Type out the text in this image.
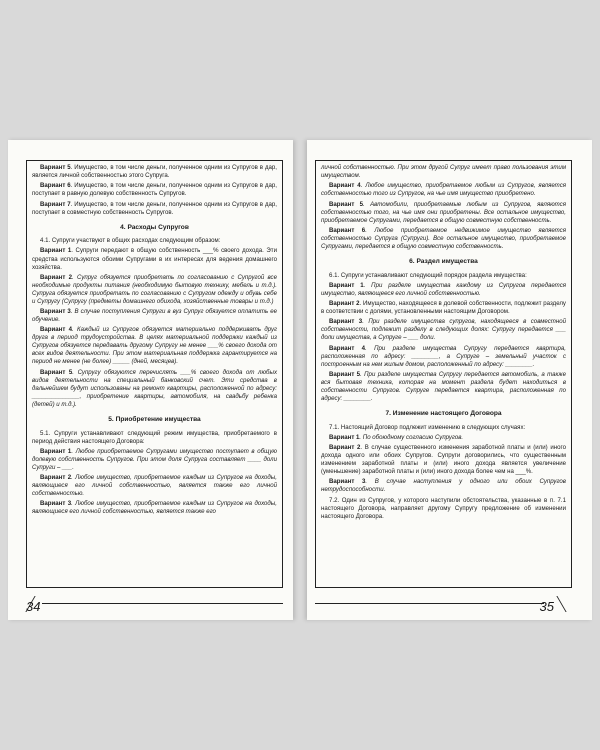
Вариант 5. Имущество, в том числе деньги, полученное одним из Супругов в дар, является личной собственностью этого Супруга.

Вариант 6. Имущество, в том числе деньги, полученное одним из Супругов в дар, поступает в равную долевую собственность Супругов.

Вариант 7. Имущество, в том числе деньги, полученное одним из Супругов в дар, поступает в совместную собственность Супругов.

4. Расходы Супругов

4.1. Супруги участвуют в общих расходах следующим образом:

Вариант 1. Супруги передают в общую собственность ___% своего дохода. Эти средства используются обоими Супругами в их интересах для ведения домашнего хозяйства.

Вариант 2. Супруг обязуется приобретать по согласованию с Супругой все необходимые продукты питания (необходимую бытовую технику, мебель и т.д.). Супруга обязуется приобретать по согласованию с Супругом одежду и обувь себе и Супругу (Супругу (предметы домашнего обихода, хозяйственные товары и т.д.)

Вариант 3. В случае поступления Супруги в вуз Супруг обязуется оплатить ее обучение.

Вариант 4. Каждый из Супругов обязуется материально поддерживать друг друга в период трудоустройства. В целях материальной поддержки каждый из Супругов обязуется передавать другому Супругу не менее ___% своего дохода от всех видов деятельности. При этом материальная поддержка гарантируется на период не менее (не более) _____ (дней, месяцев).

Вариант 5. Супругу обязуются перечислять ___% своего дохода от любых видов деятельности на специальный банковский счет. Эти средства в дальнейшем будут использованы на ремонт квартиры, расположенной по адресу: ______________, приобретение квартиры, автомобиля, на свадьбу ребенка (детей) и т.д.).

5. Приобретение имущества

5.1. Супруги устанавливают следующий режим имущества, приобретаемого в период действия настоящего Договора:

Вариант 1. Любое приобретаемое Супругами имущество поступает в общую долевую собственность Супругов. При этом доля Супруга составляет ____ доли Супруги – ___.

Вариант 2. Любое имущество, приобретаемое каждым из Супругов на доходы, являющиеся его личной собственностью, является также его личной собственностью.

Вариант 3. Любое имущество, приобретаемое каждым из Супругов на доходы, являющиеся его личной собственностью, является также его

34

личной собственностью. При этом другой Супруг имеет право пользования этим имуществом.

Вариант 4. Любое имущество, приобретаемое любым из Супругов, является собственностью того из Супругов, на чье имя имущество приобретено.

Вариант 5. Автомобили, приобретаемые любым из Супругов, являются собственностью того, на чье имя они приобретены. Все остальное имущество, приобретаемое Супругами, передается в общую совместную собственность.

Вариант 6. Любое приобретаемое недвижимое имущество является собственностью Супруга (Супруги). Все остальное имущество, приобретаемое Супругами, передается в общую совместную собственность.

6. Раздел имущества

6.1. Супруги устанавливают следующий порядок раздела имущества:

Вариант 1. При разделе имущества каждому из Супругов передается имущество, являющееся его личной собственностью.

Вариант 2. Имущество, находящееся в долевой собственности, подлежит разделу в соответствии с долями, установленными настоящим Договором.

Вариант 3. При разделе имущества супругов, находящееся в совместной собственности, подлежит разделу в следующих долях: Супругу передается ___ доли имущества, а Супруге – ___ доли.

Вариант 4. При разделе имущества Супругу передается квартира, расположенная по адресу: ________, а Супруге – земельный участок с построенным на нем жилым домом, расположенный по адресу: ________.

Вариант 5. При разделе имущества Супругу передается автомобиль, а также вся бытовая техника, которая на момент раздела будет находиться в собственности Супругов. Супруге передается квартира, расположенная по адресу: ________.

7. Изменение настоящего Договора

7.1. Настоящий Договор подлежит изменению в следующих случаях:

Вариант 1. По обоюдному согласию Супругов.

Вариант 2. В случае существенного изменения заработной платы и (или) иного дохода одного или обоих Супругов. Супруги договорились, что существенным изменением заработной платы и (или) иного дохода является увеличение (уменьшение) заработной платы и (или) иного дохода более чем на ___%.

Вариант 3. В случае наступления у одного или обоих Супругов нетрудоспособности.

7.2. Один из Супругов, у которого наступили обстоятельства, указанные в п. 7.1 настоящего Договора, направляет другому Супругу предложение об изменении настоящего Договора.

35
